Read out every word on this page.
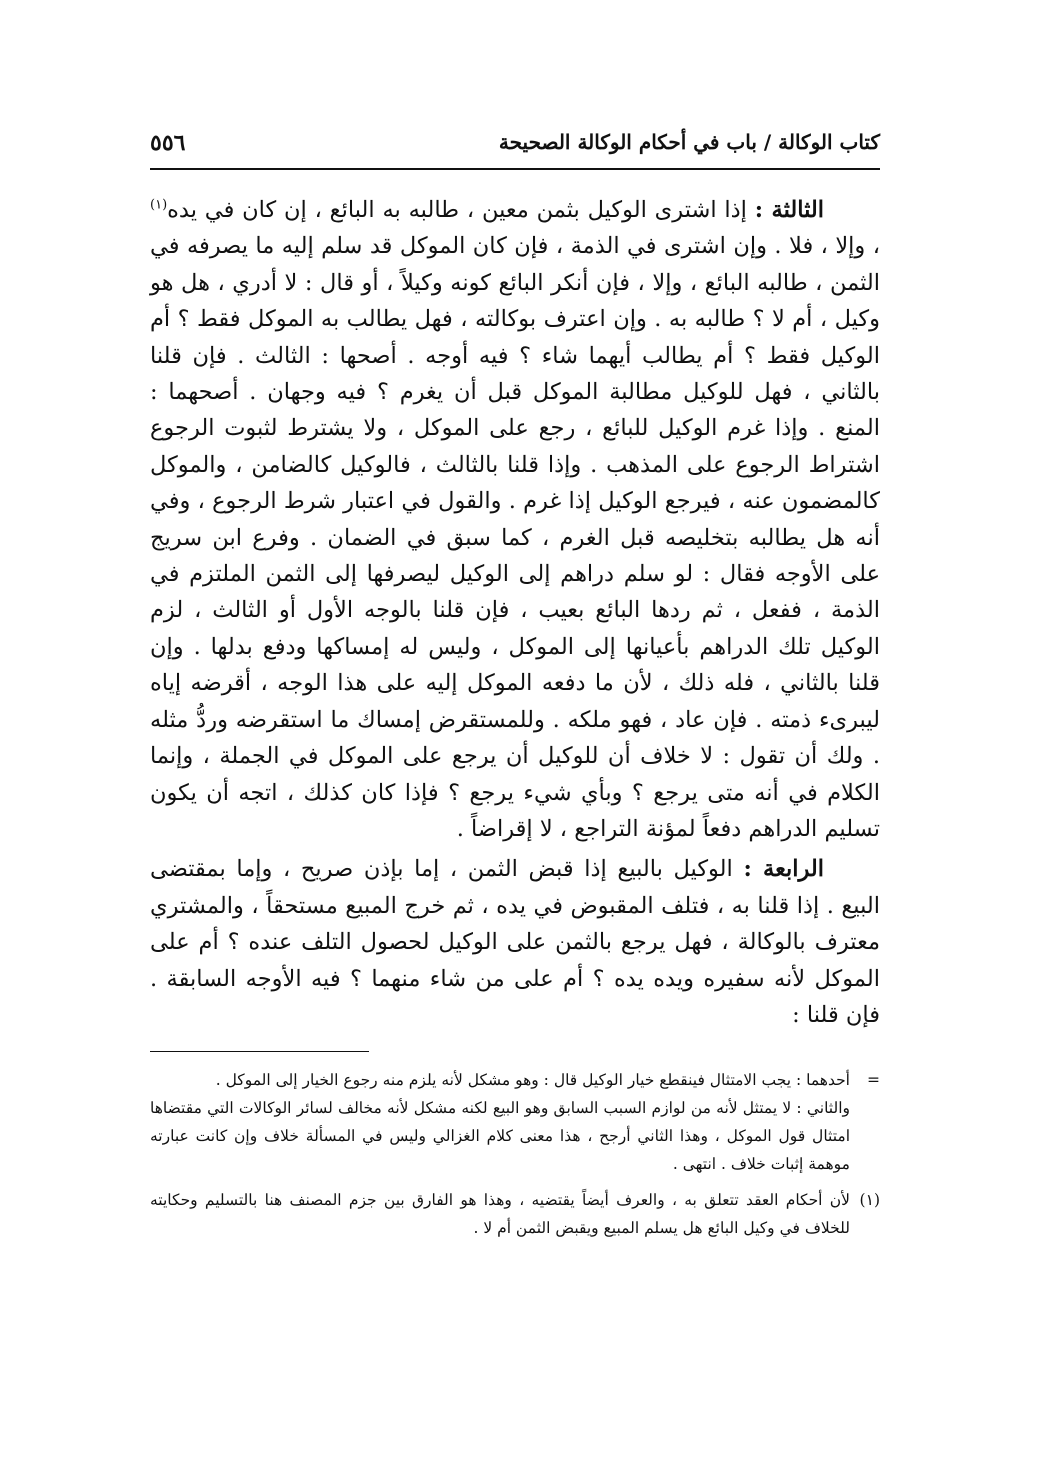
كتاب الوكالة / باب في أحكام الوكالة الصحيحة
٥٥٦

الثالثة : إذا اشترى الوكيل بثمن معين ، طالبه به البائع ، إن كان في يده$^{(١)}$ ، وإلا ، فلا . وإن اشترى في الذمة ، فإن كان الموكل قد سلم إليه ما يصرفه في الثمن ، طالبه البائع ، وإلا ، فإن أنكر البائع كونه وكيلاً ، أو قال : لا أدري ، هل هو وكيل ، أم لا ؟ طالبه به . وإن اعترف بوكالته ، فهل يطالب به الموكل فقط ؟ أم الوكيل فقط ؟ أم يطالب أيهما شاء ؟ فيه أوجه . أصحها : الثالث . فإن قلنا بالثاني ، فهل للوكيل مطالبة الموكل قبل أن يغرم ؟ فيه وجهان . أصحهما : المنع . وإذا غرم الوكيل للبائع ، رجع على الموكل ، ولا يشترط لثبوت الرجوع اشتراط الرجوع على المذهب . وإذا قلنا بالثالث ، فالوكيل كالضامن ، والموكل كالمضمون عنه ، فيرجع الوكيل إذا غرم . والقول في اعتبار شرط الرجوع ، وفي أنه هل يطالبه بتخليصه قبل الغرم ، كما سبق في الضمان . وفرع ابن سريج على الأوجه فقال : لو سلم دراهم إلى الوكيل ليصرفها إلى الثمن الملتزم في الذمة ، ففعل ، ثم ردها البائع بعيب ، فإن قلنا بالوجه الأول أو الثالث ، لزم الوكيل تلك الدراهم بأعيانها إلى الموكل ، وليس له إمساكها ودفع بدلها . وإن قلنا بالثاني ، فله ذلك ، لأن ما دفعه الموكل إليه على هذا الوجه ، أقرضه إياه ليبرىء ذمته . فإن عاد ، فهو ملكه . وللمستقرض إمساك ما استقرضه وردُّ مثله . ولك أن تقول : لا خلاف أن للوكيل أن يرجع على الموكل في الجملة ، وإنما الكلام في أنه متى يرجع ؟ وبأي شيء يرجع ؟ فإذا كان كذلك ، اتجه أن يكون تسليم الدراهم دفعاً لمؤنة التراجع ، لا إقراضاً .

الرابعة : الوكيل بالبيع إذا قبض الثمن ، إما بإذن صريح ، وإما بمقتضى البيع . إذا قلنا به ، فتلف المقبوض في يده ، ثم خرج المبيع مستحقاً ، والمشتري معترف بالوكالة ، فهل يرجع بالثمن على الوكيل لحصول التلف عنده ؟ أم على الموكل لأنه سفيره ويده يده ؟ أم على من شاء منهما ؟ فيه الأوجه السابقة . فإن قلنا :

=

أحدهما : يجب الامتثال فينقطع خيار الوكيل قال : وهو مشكل لأنه يلزم منه رجوع الخيار إلى الموكل .

والثاني : لا يمتثل لأنه من لوازم السبب السابق وهو البيع لكنه مشكل لأنه مخالف لسائر الوكالات التي مقتضاها امتثال قول الموكل ، وهذا الثاني أرجح ، هذا معنى كلام الغزالي وليس في المسألة خلاف وإن كانت عبارته موهمة إثبات خلاف . انتهى .

(١)

لأن أحكام العقد تتعلق به ، والعرف أيضاً يقتضيه ، وهذا هو الفارق بين جزم المصنف هنا بالتسليم وحكايته للخلاف في وكيل البائع هل يسلم المبيع ويقبض الثمن أم لا .
